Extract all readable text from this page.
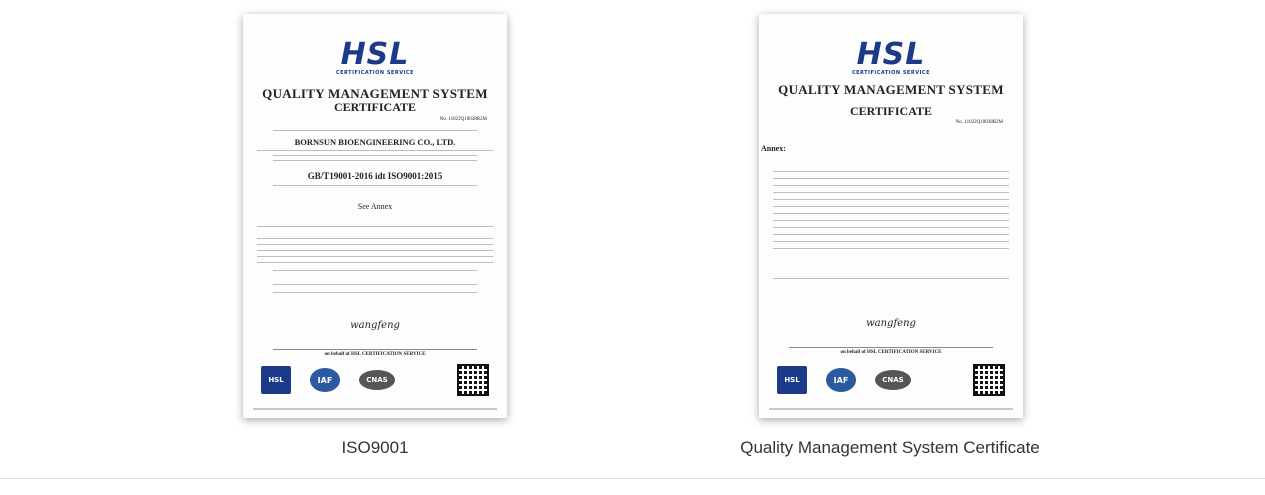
HSL
CERTIFICATION SERVICE
QUALITY MANAGEMENT SYSTEM
CERTIFICATE
No. 11022Q10038R2M
BORNSUN BIOENGINEERING CO., LTD.
GB/T19001-2016 idt ISO9001:2015
See Annex
wangfeng
on behalf of HSL CERTIFICATION SERVICE
HSL	IAF	CNAS
ISO9001
HSL
CERTIFICATION SERVICE
QUALITY MANAGEMENT SYSTEM
CERTIFICATE
No. 11022Q10038R2M
Annex:
wangfeng
on behalf of HSL CERTIFICATION SERVICE
HSL	IAF	CNAS
Quality Management System Certificate
